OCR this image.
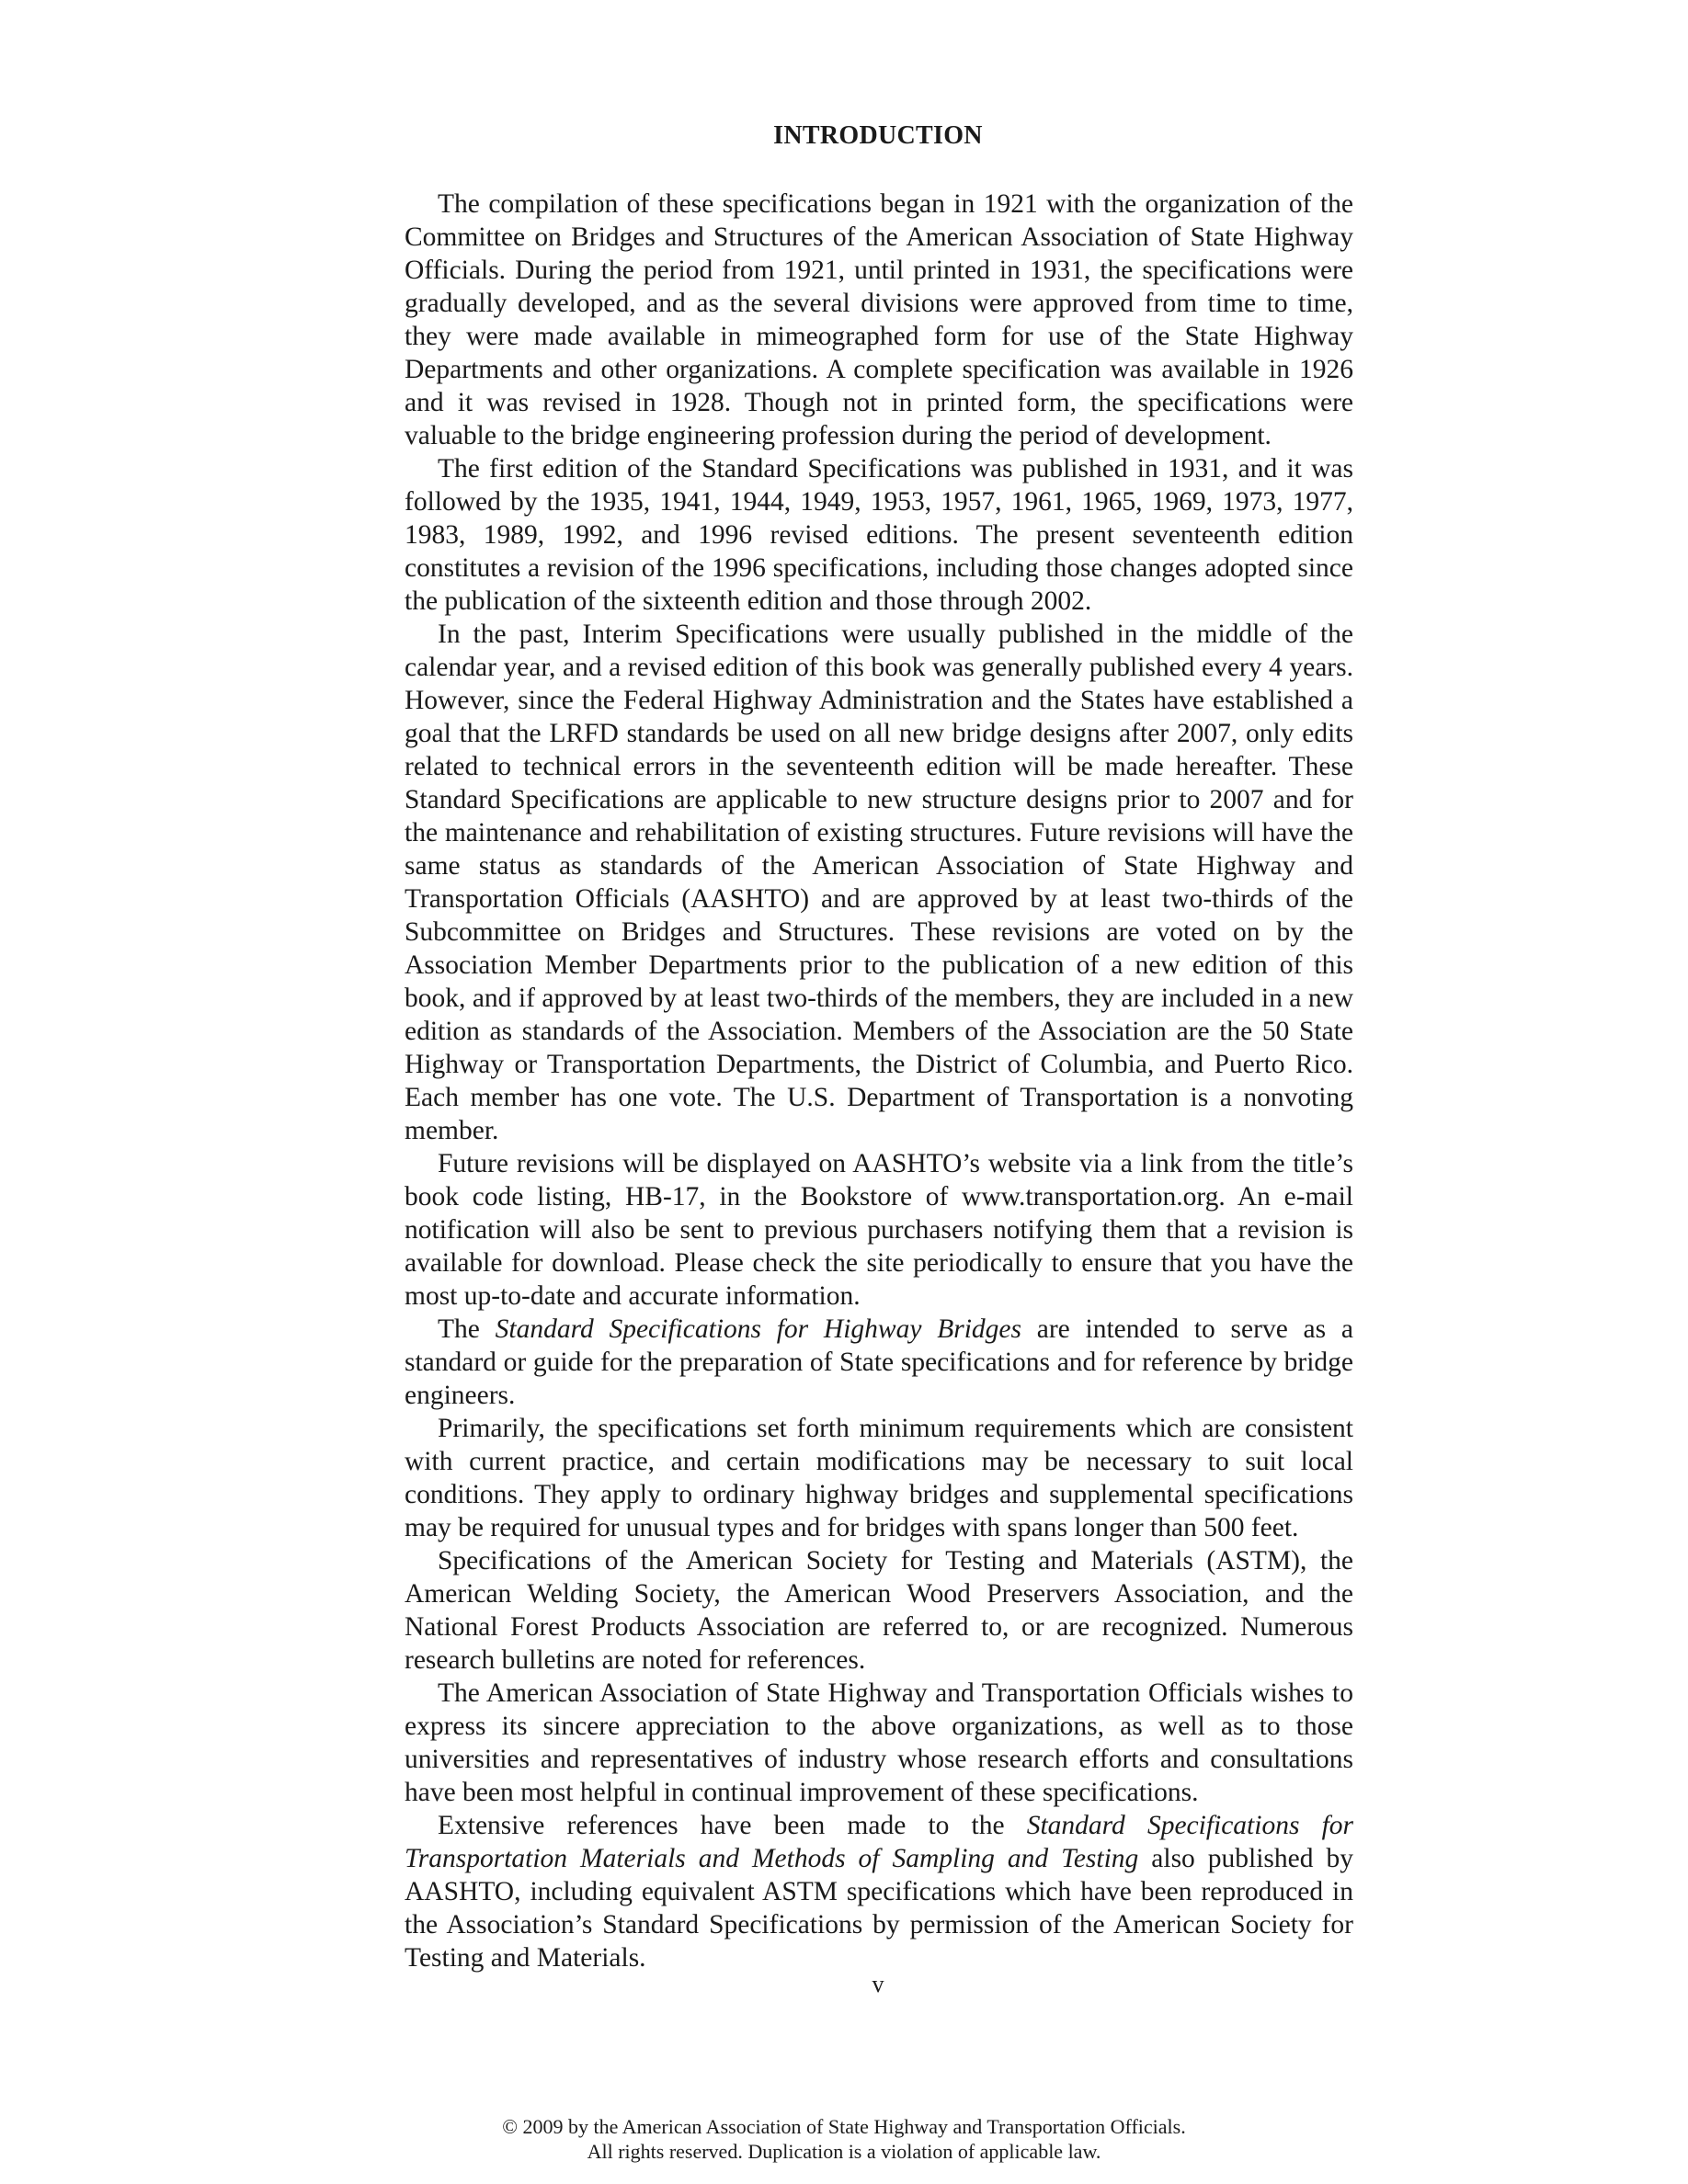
INTRODUCTION

The compilation of these specifications began in 1921 with the organization of the Committee on Bridges and Structures of the American Association of State Highway Officials. During the period from 1921, until printed in 1931, the specifications were gradually developed, and as the several divisions were approved from time to time, they were made available in mimeographed form for use of the State Highway Departments and other organizations. A complete specification was available in 1926 and it was revised in 1928. Though not in printed form, the specifications were valuable to the bridge engineering profession during the period of development.

The first edition of the Standard Specifications was published in 1931, and it was followed by the 1935, 1941, 1944, 1949, 1953, 1957, 1961, 1965, 1969, 1973, 1977, 1983, 1989, 1992, and 1996 revised editions. The present seventeenth edition constitutes a revision of the 1996 specifications, including those changes adopted since the publication of the sixteenth edition and those through 2002.

In the past, Interim Specifications were usually published in the middle of the calendar year, and a revised edition of this book was generally published every 4 years. However, since the Federal Highway Administration and the States have established a goal that the LRFD standards be used on all new bridge designs after 2007, only edits related to technical errors in the seventeenth edition will be made hereafter. These Standard Specifications are applicable to new structure designs prior to 2007 and for the maintenance and rehabilitation of existing structures. Future revisions will have the same status as standards of the American Association of State Highway and Transportation Officials (AASHTO) and are approved by at least two-thirds of the Subcommittee on Bridges and Structures. These revisions are voted on by the Association Member Departments prior to the publication of a new edition of this book, and if approved by at least two-thirds of the members, they are included in a new edition as standards of the Association. Members of the Association are the 50 State Highway or Transportation Departments, the District of Columbia, and Puerto Rico. Each member has one vote. The U.S. Department of Transportation is a nonvoting member.

Future revisions will be displayed on AASHTO’s website via a link from the title’s book code listing, HB-17, in the Bookstore of www.transportation.org. An e-mail notification will also be sent to previous purchasers notifying them that a revision is available for download. Please check the site periodically to ensure that you have the most up-to-date and accurate information.

The Standard Specifications for Highway Bridges are intended to serve as a standard or guide for the preparation of State specifications and for reference by bridge engineers.

Primarily, the specifications set forth minimum requirements which are consistent with current practice, and certain modifications may be necessary to suit local conditions. They apply to ordinary highway bridges and supplemental specifications may be required for unusual types and for bridges with spans longer than 500 feet.

Specifications of the American Society for Testing and Materials (ASTM), the American Welding Society, the American Wood Preservers Association, and the National Forest Products Association are referred to, or are recognized. Numerous research bulletins are noted for references.

The American Association of State Highway and Transportation Officials wishes to express its sincere appreciation to the above organizations, as well as to those universities and representatives of industry whose research efforts and consultations have been most helpful in continual improvement of these specifications.

Extensive references have been made to the Standard Specifications for Transportation Materials and Methods of Sampling and Testing also published by AASHTO, including equivalent ASTM specifications which have been reproduced in the Association’s Standard Specifications by permission of the American Society for Testing and Materials.

v
© 2009 by the American Association of State Highway and Transportation Officials.
All rights reserved. Duplication is a violation of applicable law.
